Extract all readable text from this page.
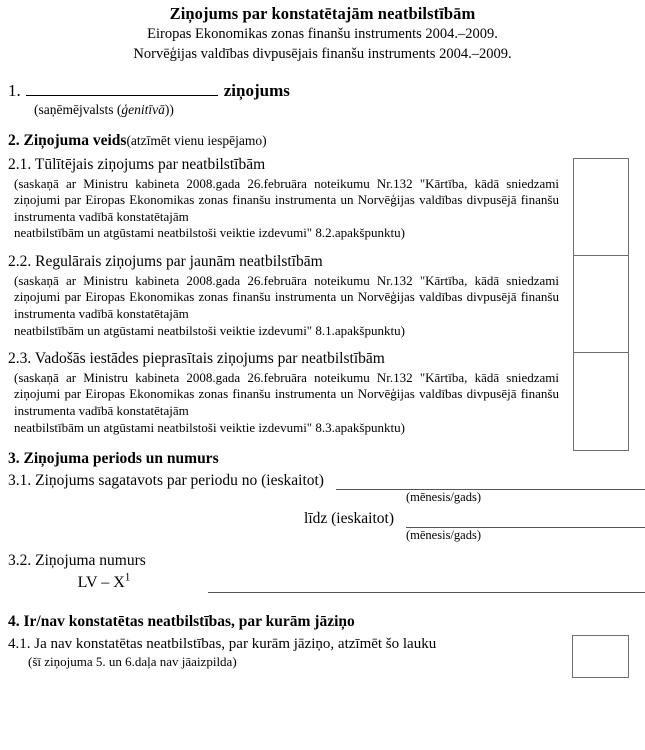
Ziņojums par konstatētajām neatbilstībām
Eiropas Ekonomikas zonas finanšu instruments 2004.–2009.
Norvēģijas valdības divpusējais finanšu instruments 2004.–2009.
1.	ziņojums
(saņēmējvalsts (ģenitīvā))
2. Ziņojuma veids(atzīmēt vienu iespējamo)
2.1. Tūlītējais ziņojums par neatbilstībām
(saskaņā ar Ministru kabineta 2008.gada 26.februāra noteikumu Nr.132 "Kārtība, kādā sniedzami ziņojumi par Eiropas Ekonomikas zonas finanšu instrumenta un Norvēģijas valdības divpusējā finanšu instrumenta vadībā konstatētajām
neatbilstībām un atgūstami neatbilstoši veiktie izdevumi" 8.2.apakšpunktu)
2.2. Regulārais ziņojums par jaunām neatbilstībām
(saskaņā ar Ministru kabineta 2008.gada 26.februāra noteikumu Nr.132 "Kārtība, kādā sniedzami ziņojumi par Eiropas Ekonomikas zonas finanšu instrumenta un Norvēģijas valdības divpusējā finanšu instrumenta vadībā konstatētajām
neatbilstībām un atgūstami neatbilstoši veiktie izdevumi" 8.1.apakšpunktu)
2.3. Vadošās iestādes pieprasītais ziņojums par neatbilstībām
(saskaņā ar Ministru kabineta 2008.gada 26.februāra noteikumu Nr.132 "Kārtība, kādā sniedzami ziņojumi par Eiropas Ekonomikas zonas finanšu instrumenta un Norvēģijas valdības divpusējā finanšu instrumenta vadībā konstatētajām
neatbilstībām un atgūstami neatbilstoši veiktie izdevumi" 8.3.apakšpunktu)
3. Ziņojuma periods un numurs
3.1. Ziņojums sagatavots par periodu no (ieskaitot)
(mēnesis/gads)
līdz (ieskaitot)
(mēnesis/gads)
3.2. Ziņojuma numurs
LV – $X^1$
4. Ir/nav konstatētas neatbilstības, par kurām jāziņo
4.1. Ja nav konstatētas neatbilstības, par kurām jāziņo, atzīmēt šo lauku
(šī ziņojuma 5. un 6.daļa nav jāaizpilda)
